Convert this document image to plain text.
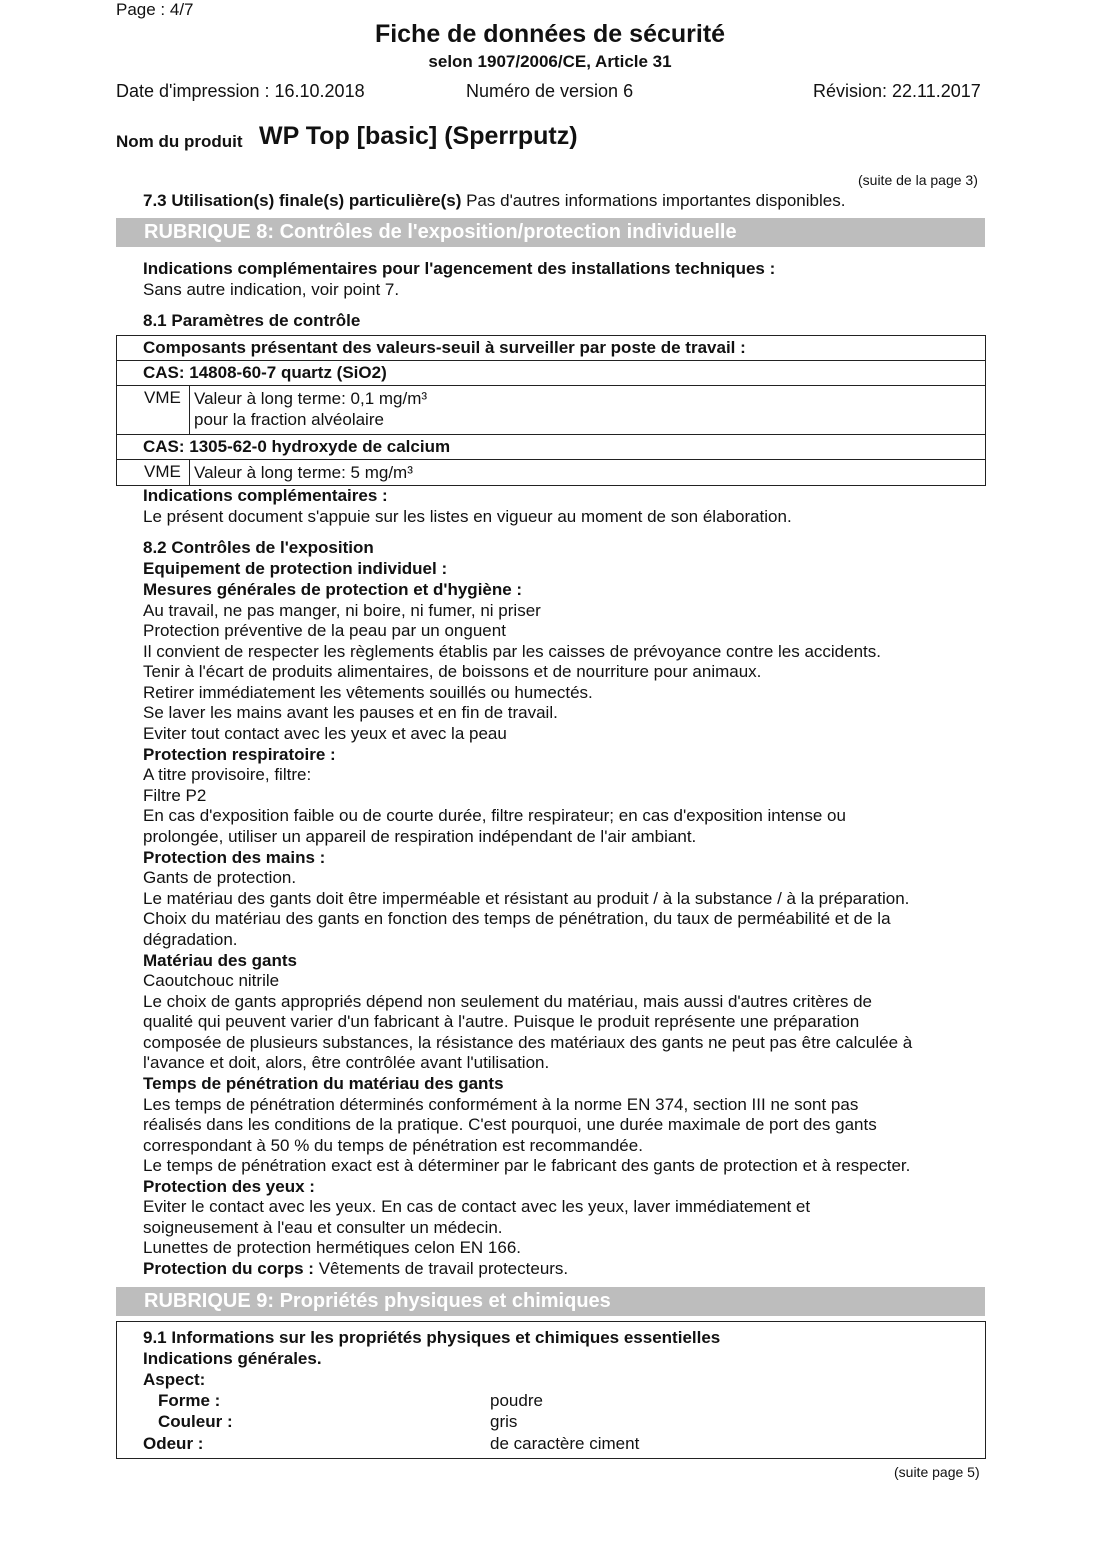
Page : 4/7
Fiche de données de sécurité
selon 1907/2006/CE, Article 31
Date d'impression : 16.10.2018	Numéro de version 6	Révision: 22.11.2017
Nom du produit WP Top [basic] (Sperrputz)
(suite de la page 3)
7.3 Utilisation(s) finale(s) particulière(s) Pas d'autres informations importantes disponibles.
RUBRIQUE 8: Contrôles de l'exposition/protection individuelle
Indications complémentaires pour l'agencement des installations techniques :
Sans autre indication, voir point 7.
8.1 Paramètres de contrôle
Composants présentant des valeurs-seuil à surveiller par poste de travail :
CAS: 14808-60-7 quartz (SiO2)
VME Valeur à long terme: 0,1 mg/m³
pour la fraction alvéolaire
CAS: 1305-62-0 hydroxyde de calcium
VME Valeur à long terme: 5 mg/m³
Indications complémentaires :
Le présent document s'appuie sur les listes en vigueur au moment de son élaboration.
8.2 Contrôles de l'exposition
Equipement de protection individuel :
Mesures générales de protection et d'hygiène :
Au travail, ne pas manger, ni boire, ni fumer, ni priser
Protection préventive de la peau par un onguent
Il convient de respecter les règlements établis par les caisses de prévoyance contre les accidents.
Tenir à l'écart de produits alimentaires, de boissons et de nourriture pour animaux.
Retirer immédiatement les vêtements souillés ou humectés.
Se laver les mains avant les pauses et en fin de travail.
Eviter tout contact avec les yeux et avec la peau
Protection respiratoire :
A titre provisoire, filtre:
Filtre P2
En cas d'exposition faible ou de courte durée, filtre respirateur; en cas d'exposition intense ou
prolongée, utiliser un appareil de respiration indépendant de l'air ambiant.
Protection des mains :
Gants de protection.
Le matériau des gants doit être imperméable et résistant au produit / à la substance / à la préparation.
Choix du matériau des gants en fonction des temps de pénétration, du taux de perméabilité et de la
dégradation.
Matériau des gants
Caoutchouc nitrile
Le choix de gants appropriés dépend non seulement du matériau, mais aussi d'autres critères de
qualité qui peuvent varier d'un fabricant à l'autre. Puisque le produit représente une préparation
composée de plusieurs substances, la résistance des matériaux des gants ne peut pas être calculée à
l'avance et doit, alors, être contrôlée avant l'utilisation.
Temps de pénétration du matériau des gants
Les temps de pénétration déterminés conformément à la norme EN 374, section III ne sont pas
réalisés dans les conditions de la pratique. C'est pourquoi, une durée maximale de port des gants
correspondant à 50 % du temps de pénétration est recommandée.
Le temps de pénétration exact est à déterminer par le fabricant des gants de protection et à respecter.
Protection des yeux :
Eviter le contact avec les yeux. En cas de contact avec les yeux, laver immédiatement et
soigneusement à l'eau et consulter un médecin.
Lunettes de protection hermétiques celon EN 166.
Protection du corps : Vêtements de travail protecteurs.
RUBRIQUE 9: Propriétés physiques et chimiques
9.1 Informations sur les propriétés physiques et chimiques essentielles
Indications générales.
Aspect:
Forme :	poudre
Couleur :	gris
Odeur :	de caractère ciment
(suite page 5)
